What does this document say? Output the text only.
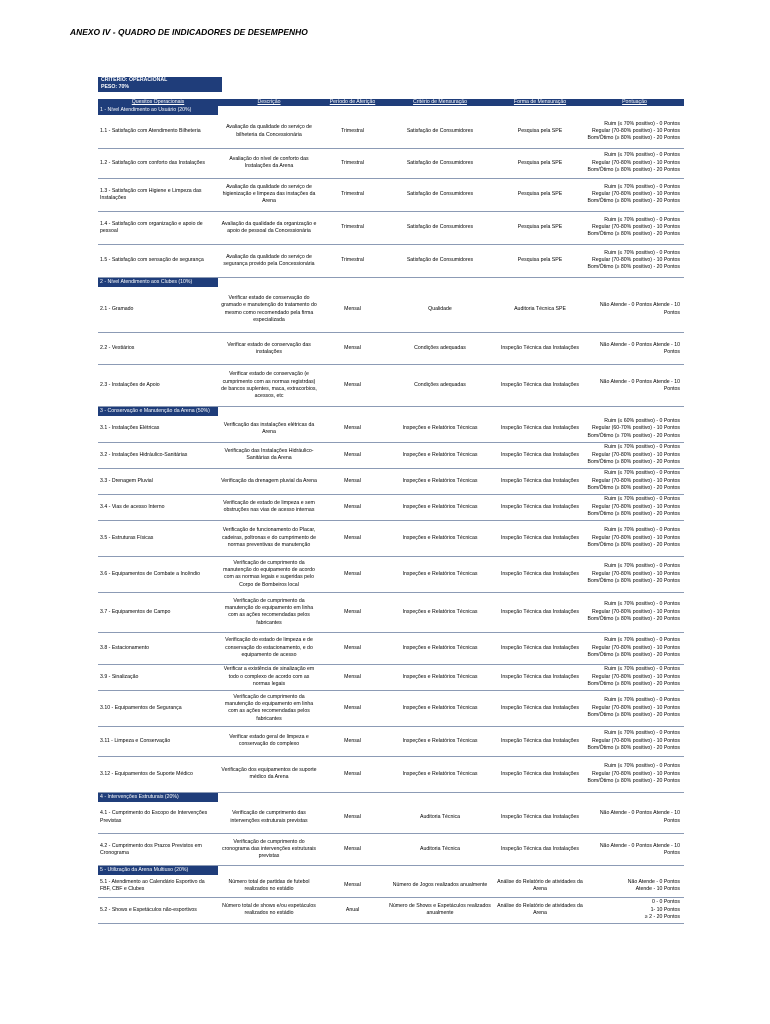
ANEXO IV - QUADRO DE INDICADORES DE DESEMPENHO
CRITÉRIO: OPERACIONAL
PESO: 70%
Quesitos Operacionais	Descrição	Período de Aferição	Critério de Mensuração	Forma de Mensuração	Pontuação
1 - Nível Atendimento ao Usuário (20%)					
1.1 - Satisfação com Atendimento Bilheteria	Avaliação da qualidade do serviço de bilheteria da Concessionária	Trimestral	Satisfação de Consumidores	Pesquisa pela SPE	Ruim (≤ 70% positivo) - 0 Pontos
Regular (70-80% positivo) - 10 Pontos
Bom/Ótimo (≥ 80% positivo) - 20 Pontos
1.2 - Satisfação com conforto das Instalações	Avaliação do nível de conforto das Instalações da Arena	Trimestral	Satisfação de Consumidores	Pesquisa pela SPE	Ruim (≤ 70% positivo) - 0 Pontos
Regular (70-80% positivo) - 10 Pontos
Bom/Ótimo (≥ 80% positivo) - 20 Pontos
1.3 - Satisfação com Higiene e Limpeza das Instalações	Avaliação da qualidade do serviço de higienização e limpeza das instações da Arena	Trimestral	Satisfação de Consumidores	Pesquisa pela SPE	Ruim (≤ 70% positivo) - 0 Pontos
Regular (70-80% positivo) - 10 Pontos
Bom/Ótimo (≥ 80% positivo) - 20 Pontos
1.4 - Satisfação com organização e apoio de pessoal	Avaliação da qualidade da organização e apoio de pessoal da Concessionária	Trimestral	Satisfação de Consumidores	Pesquisa pela SPE	Ruim (≤ 70% positivo) - 0 Pontos
Regular (70-80% positivo) - 10 Pontos
Bom/Ótimo (≥ 80% positivo) - 20 Pontos
1.5 - Satisfação com sensação de segurança	Avaliação da qualidade do serviço de segurança provido pela Concessionária	Trimestral	Satisfação de Consumidores	Pesquisa pela SPE	Ruim (≤ 70% positivo) - 0 Pontos
Regular (70-80% positivo) - 10 Pontos
Bom/Ótimo (≥ 80% positivo) - 20 Pontos
2 - Nível Atendimento aos Clubes (10%)					
2.1 - Gramado	Verificar estado de conservação do gramado e manutenção do tratamento do mesmo como recomendado pela firma especializada	Mensal	Qualidade	Auditoria Técnica SPE	Não Atende - 0 Pontos Atende - 10 Pontos
2.2 - Vestiários	Verificar estado de conservação das instalações	Mensal	Condições adequadas	Inspeção Técnica das Instalações	Não Atende - 0 Pontos Atende - 10 Pontos
2.3 - Instalações de Apoio	Verificar estado de conservação (e cumprimento com as normas registrdas) de bancos suplentes, maca, extracorbios, acessos, etc	Mensal	Condições adequadas	Inspeção Técnica das Instalações	Não Atende - 0 Pontos Atende - 10 Pontos
3 - Conservação e Manutenção da Arena (50%)					
3.1 - Instalações Elétricas	Verificação das instalações elétricas da Arena	Mensal	Inspeções e Relatórios Técnicas	Inspeção Técnica das Instalações	Ruim (≤ 60% positivo) - 0 Pontos
Regular (60-70% positivo) - 10 Pontos
Bom/Ótimo (≥ 70% positivo) - 20 Pontos
3.2 - Instalações Hidráulico-Sanitárias	Verificação das Instalações Hidráulico-Sanitárias da Arena	Mensal	Inspeções e Relatórios Técnicas	Inspeção Técnica das Instalações	Ruim (≤ 70% positivo) - 0 Pontos
Regular (70-80% positivo) - 10 Pontos
Bom/Ótimo (≥ 80% positivo) - 20 Pontos
3.3 - Drenagem Pluvial	Verificação da drenagem pluvial da Arena	Mensal	Inspeções e Relatórios Técnicas	Inspeção Técnica das Instalações	Ruim (≤ 70% positivo) - 0 Pontos
Regular (70-80% positivo) - 10 Pontos
Bom/Ótimo (≥ 80% positivo) - 20 Pontos
3.4 - Vias de acesso Interno	Verificação de estado de limpeza e sem obstruções nas vias de acesso internas	Mensal	Inspeções e Relatórios Técnicas	Inspeção Técnica das Instalações	Ruim (≤ 70% positivo) - 0 Pontos
Regular (70-80% positivo) - 10 Pontos
Bom/Ótimo (≥ 80% positivo) - 20 Pontos
3.5 - Estruturas Físicas	Verificação de funcionamento do Placar, cadeiras, poltronas e do cumprimento de normas preventivas de manutenção	Mensal	Inspeções e Relatórios Técnicas	Inspeção Técnica das Instalações	Ruim (≤ 70% positivo) - 0 Pontos
Regular (70-80% positivo) - 10 Pontos
Bom/Ótimo (≥ 80% positivo) - 20 Pontos
3.6 - Equipamentos de Combate a Incêndio	Verificação de cumprimento da manutenção do equipamento de acordo com as normas legais e sugeridas pelo Corpo de Bombeiros local	Mensal	Inspeções e Relatórios Técnicas	Inspeção Técnica das Instalações	Ruim (≤ 70% positivo) - 0 Pontos
Regular (70-80% positivo) - 10 Pontos
Bom/Ótimo (≥ 80% positivo) - 20 Pontos
3.7 - Equipamentos de Campo	Verificação de cumprimento da manutenção do equipamento em linha com as ações recomendadas pelos fabricantes	Mensal	Inspeções e Relatórios Técnicas	Inspeção Técnica das Instalações	Ruim (≤ 70% positivo) - 0 Pontos
Regular (70-80% positivo) - 10 Pontos
Bom/Ótimo (≥ 80% positivo) - 20 Pontos
3.8 - Estacionamento	Verificação do estado de limpeza e de conservação do estacionamento, e do equipamento de acesso	Mensal	Inspeções e Relatórios Técnicas	Inspeção Técnica das Instalações	Ruim (≤ 70% positivo) - 0 Pontos
Regular (70-80% positivo) - 10 Pontos
Bom/Ótimo (≥ 80% positivo) - 20 Pontos
3.9 - Sinalização	Verificar a existência de sinalização em todo o complexo de acordo com as normas legais	Mensal	Inspeções e Relatórios Técnicas	Inspeção Técnica das Instalações	Ruim (≤ 70% positivo) - 0 Pontos
Regular (70-80% positivo) - 10 Pontos
Bom/Ótimo (≥ 80% positivo) - 20 Pontos
3.10 - Equipamentos de Segurança	Verificação de cumprimento da manutenção do equipamento em linha com as ações recomendadas pelos fabricantes	Mensal	Inspeções e Relatórios Técnicas	Inspeção Técnica das Instalações	Ruim (≤ 70% positivo) - 0 Pontos
Regular (70-80% positivo) - 10 Pontos
Bom/Ótimo (≥ 80% positivo) - 20 Pontos
3.11 - Limpeza e Conservação	Verificar estado geral de limpeza e conservação do complexo	Mensal	Inspeções e Relatórios Técnicas	Inspeção Técnica das Instalações	Ruim (≤ 70% positivo) - 0 Pontos
Regular (70-80% positivo) - 10 Pontos
Bom/Ótimo (≥ 80% positivo) - 20 Pontos
3.12 - Equipamentos de Suporte Médico	Verificação dos equipamentos de suporte médico da Arena	Mensal	Inspeções e Relatórios Técnicas	Inspeção Técnica das Instalações	Ruim (≤ 70% positivo) - 0 Pontos
Regular (70-80% positivo) - 10 Pontos
Bom/Ótimo (≥ 80% positivo) - 20 Pontos
4 - Intervenções Estruturais (20%)					
4.1 - Cumprimento do Escopo de Intervenções Previstas	Verificação de cumprimento das intervenções estruturais previstas	Mensal	Auditoria Técnica	Inspeção Técnica das Instalações	Não Atende - 0 Pontos Atende - 10 Pontos
4.2 - Cumprimento dos Prazos Previstos em Cronograma	Verificação de cumprimento do cronograma das intervenções estruturais previstas	Mensal	Auditoria Técnica	Inspeção Técnica das Instalações	Não Atende - 0 Pontos Atende - 10 Pontos
5 - Utilização da Arena Multiuso (20%)					
5.1 - Atendimento ao Calendário Esportivo da FBF, CBF e Clubes	Número total de partidas de futebol realizados no estádio	Mensal	Número de Jogos realizados anualmente	Análise do Relatório de atividades da Arena	Não Atende - 0 Pontos
Atende - 10 Pontos
5.2 - Shows e Espetáculos não-esportivos	Número total de shows e/ou espetáculos realizados no estádio	Anual	Número de Shows e Espetáculos realizados anualmente	Análise do Relatório de atividades da Arena	0 - 0 Pontos
1- 10 Pontos
≥ 2 - 20 Pontos
